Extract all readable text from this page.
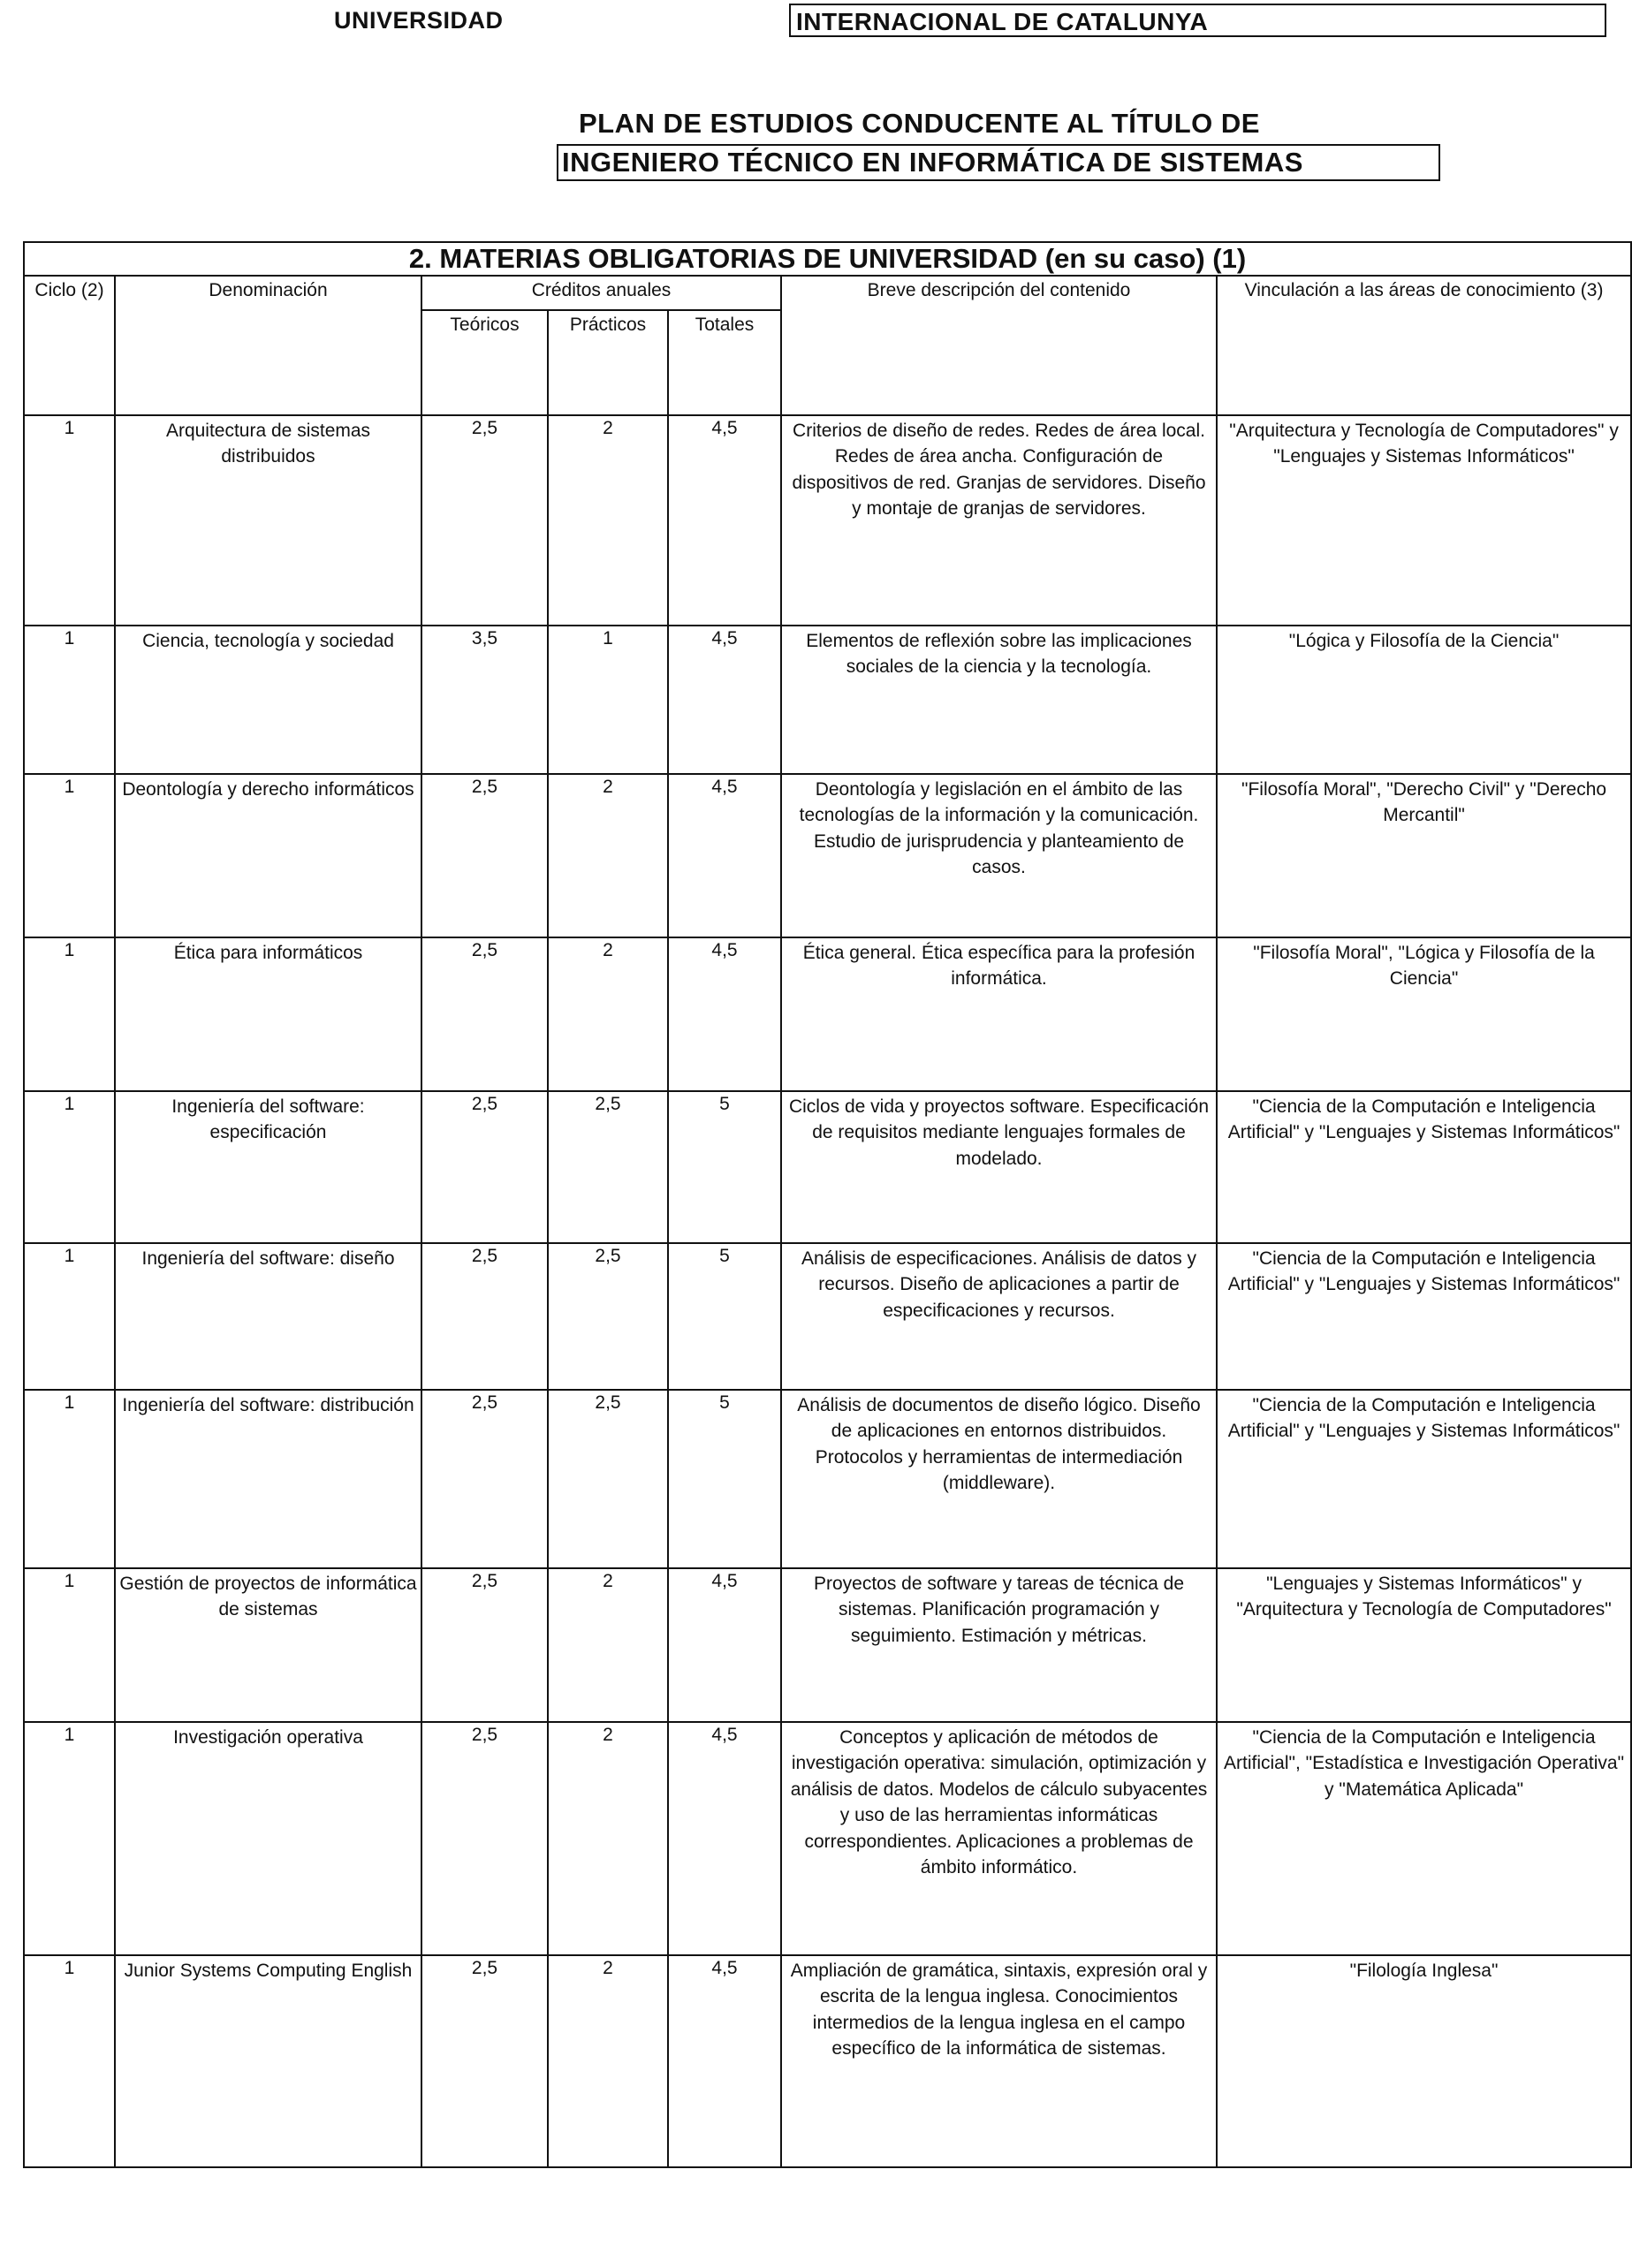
UNIVERSIDAD	INTERNACIONAL DE CATALUNYA
PLAN DE ESTUDIOS CONDUCENTE AL TÍTULO DE
INGENIERO TÉCNICO EN INFORMÁTICA DE SISTEMAS
2. MATERIAS OBLIGATORIAS DE UNIVERSIDAD (en su caso) (1)						
Ciclo (2)	Denominación	Créditos anuales			Breve descripción del contenido	Vinculación a las áreas de conocimiento (3)
		Teóricos	Prácticos	Totales		
1	Arquitectura de sistemas distribuidos	2,5	2	4,5	Criterios de diseño de redes. Redes de área local. Redes de área ancha. Configuración de dispositivos de red. Granjas de servidores. Diseño y montaje de granjas de servidores.	"Arquitectura y Tecnología de Computadores" y "Lenguajes y Sistemas Informáticos"
1	Ciencia, tecnología y sociedad	3,5	1	4,5	Elementos de reflexión sobre las implicaciones sociales de la ciencia y la tecnología.	"Lógica y Filosofía de la Ciencia"
1	Deontología y derecho informáticos	2,5	2	4,5	Deontología y legislación en el ámbito de las tecnologías de la información y la comunicación. Estudio de jurisprudencia y planteamiento de casos.	"Filosofía Moral", "Derecho Civil" y "Derecho Mercantil"
1	Ética para informáticos	2,5	2	4,5	Ética general. Ética específica para la profesión informática.	"Filosofía Moral", "Lógica y Filosofía de la Ciencia"
1	Ingeniería del software: especificación	2,5	2,5	5	Ciclos de vida y proyectos software. Especificación de requisitos mediante lenguajes formales de modelado.	"Ciencia de la Computación e Inteligencia Artificial" y "Lenguajes y Sistemas Informáticos"
1	Ingeniería del software: diseño	2,5	2,5	5	Análisis de especificaciones. Análisis de datos y recursos. Diseño de aplicaciones a partir de especificaciones y recursos.	"Ciencia de la Computación e Inteligencia Artificial" y "Lenguajes y Sistemas Informáticos"
1	Ingeniería del software: distribución	2,5	2,5	5	Análisis de documentos de diseño lógico. Diseño de aplicaciones en entornos distribuidos. Protocolos y herramientas de intermediación (middleware).	"Ciencia de la Computación e Inteligencia Artificial" y "Lenguajes y Sistemas Informáticos"
1	Gestión de proyectos de informática de sistemas	2,5	2	4,5	Proyectos de software y tareas de técnica de sistemas. Planificación programación y seguimiento. Estimación y métricas.	"Lenguajes y Sistemas Informáticos" y "Arquitectura y Tecnología de Computadores"
1	Investigación operativa	2,5	2	4,5	Conceptos y aplicación de métodos de investigación operativa: simulación, optimización y análisis de datos. Modelos de cálculo subyacentes y uso de las herramientas informáticas correspondientes. Aplicaciones a problemas de ámbito informático.	"Ciencia de la Computación e Inteligencia Artificial", "Estadística e Investigación Operativa" y "Matemática Aplicada"
1	Junior Systems Computing English	2,5	2	4,5	Ampliación de gramática, sintaxis, expresión oral y escrita de la lengua inglesa. Conocimientos intermedios de la lengua inglesa en el campo específico de la informática de sistemas.	"Filología Inglesa"
